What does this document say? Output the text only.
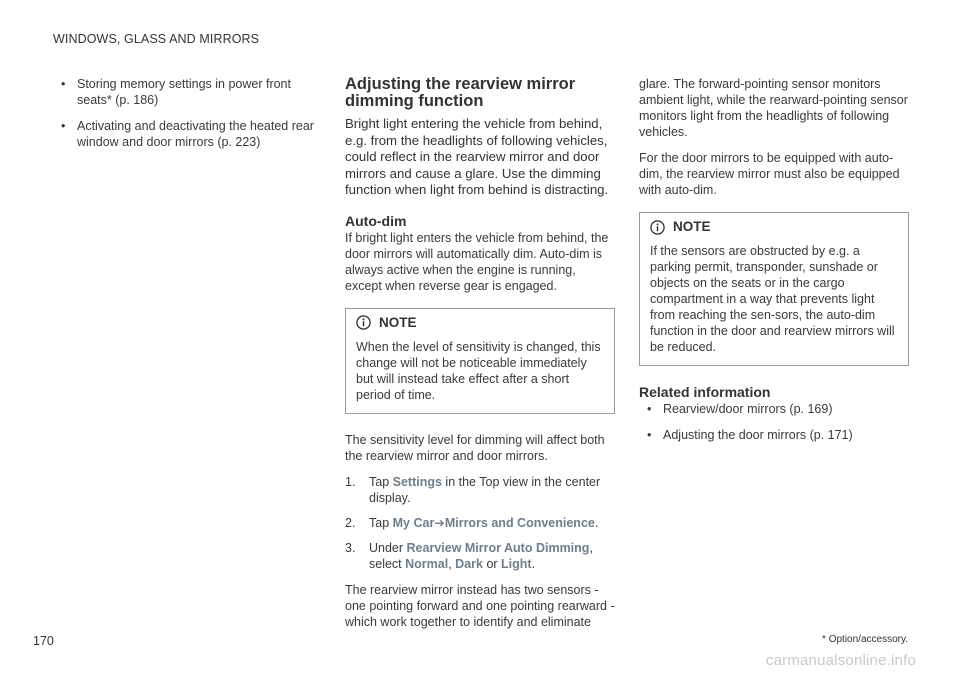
WINDOWS, GLASS AND MIRRORS
• Storing memory settings in power front seats* (p. 186)
• Activating and deactivating the heated rear window and door mirrors (p. 223)
Adjusting the rearview mirror dimming function
Bright light entering the vehicle from behind, e.g. from the headlights of following vehicles, could reflect in the rearview mirror and door mirrors and cause a glare. Use the dimming function when light from behind is distracting.
Auto-dim

If bright light enters the vehicle from behind, the door mirrors will automatically dim. Auto-dim is always active when the engine is running, except when reverse gear is engaged.

NOTE
When the level of sensitivity is changed, this change will not be noticeable immediately but will instead take effect after a short period of time.

The sensitivity level for dimming will affect both the rearview mirror and door mirrors.

1. Tap Settings in the Top view in the center display.
2. Tap My Car➔Mirrors and Convenience.
3. Under Rearview Mirror Auto Dimming, select Normal, Dark or Light.

The rearview mirror instead has two sensors - one pointing forward and one pointing rearward - which work together to identify and eliminate

glare. The forward-pointing sensor monitors ambient light, while the rearward-pointing sensor monitors light from the headlights of following vehicles.

For the door mirrors to be equipped with auto-dim, the rearview mirror must also be equipped with auto-dim.

NOTE
If the sensors are obstructed by e.g. a parking permit, transponder, sunshade or objects on the seats or in the cargo compartment in a way that prevents light from reaching the sen-sors, the auto-dim function in the door and rearview mirrors will be reduced.
Related information
• Rearview/door mirrors (p. 169)
• Adjusting the door mirrors (p. 171)
170	* Option/accessory.
carmanualsonline.info
